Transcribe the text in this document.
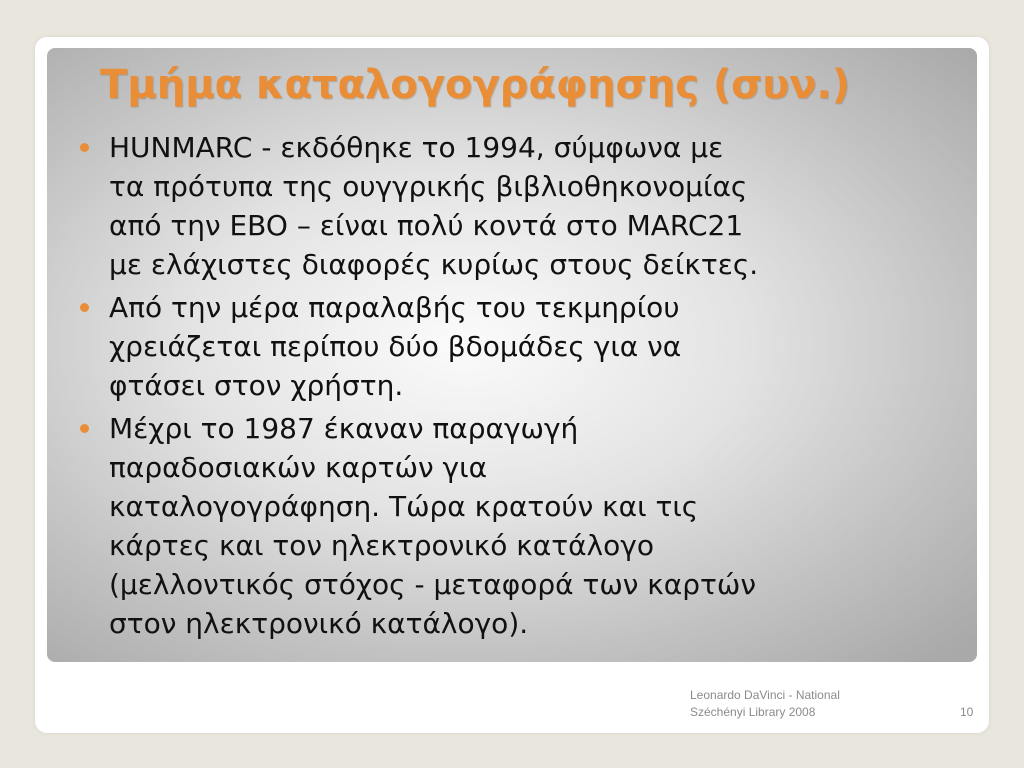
Τμήμα καταλογογράφησης (συν.)
HUNMARC - εκδόθηκε το 1994, σύμφωνα με
τα πρότυπα της ουγγρικής βιβλιοθηκονομίας
από την EBO – είναι πολύ κοντά στο MARC21
με ελάχιστες διαφορές κυρίως στους δείκτες.
Από την μέρα παραλαβής του τεκμηρίου
χρειάζεται περίπου δύο βδομάδες για να
φτάσει στον χρήστη.
Μέχρι το 1987 έκαναν παραγωγή
παραδοσιακών καρτών για
καταλογογράφηση. Τώρα κρατούν και τις
κάρτες και τον ηλεκτρονικό κατάλογο
(μελλοντικός στόχος - μεταφορά των καρτών
στον ηλεκτρονικό κατάλογο).
Leonardo DaVinci - National
Széchényi Library 2008	10
